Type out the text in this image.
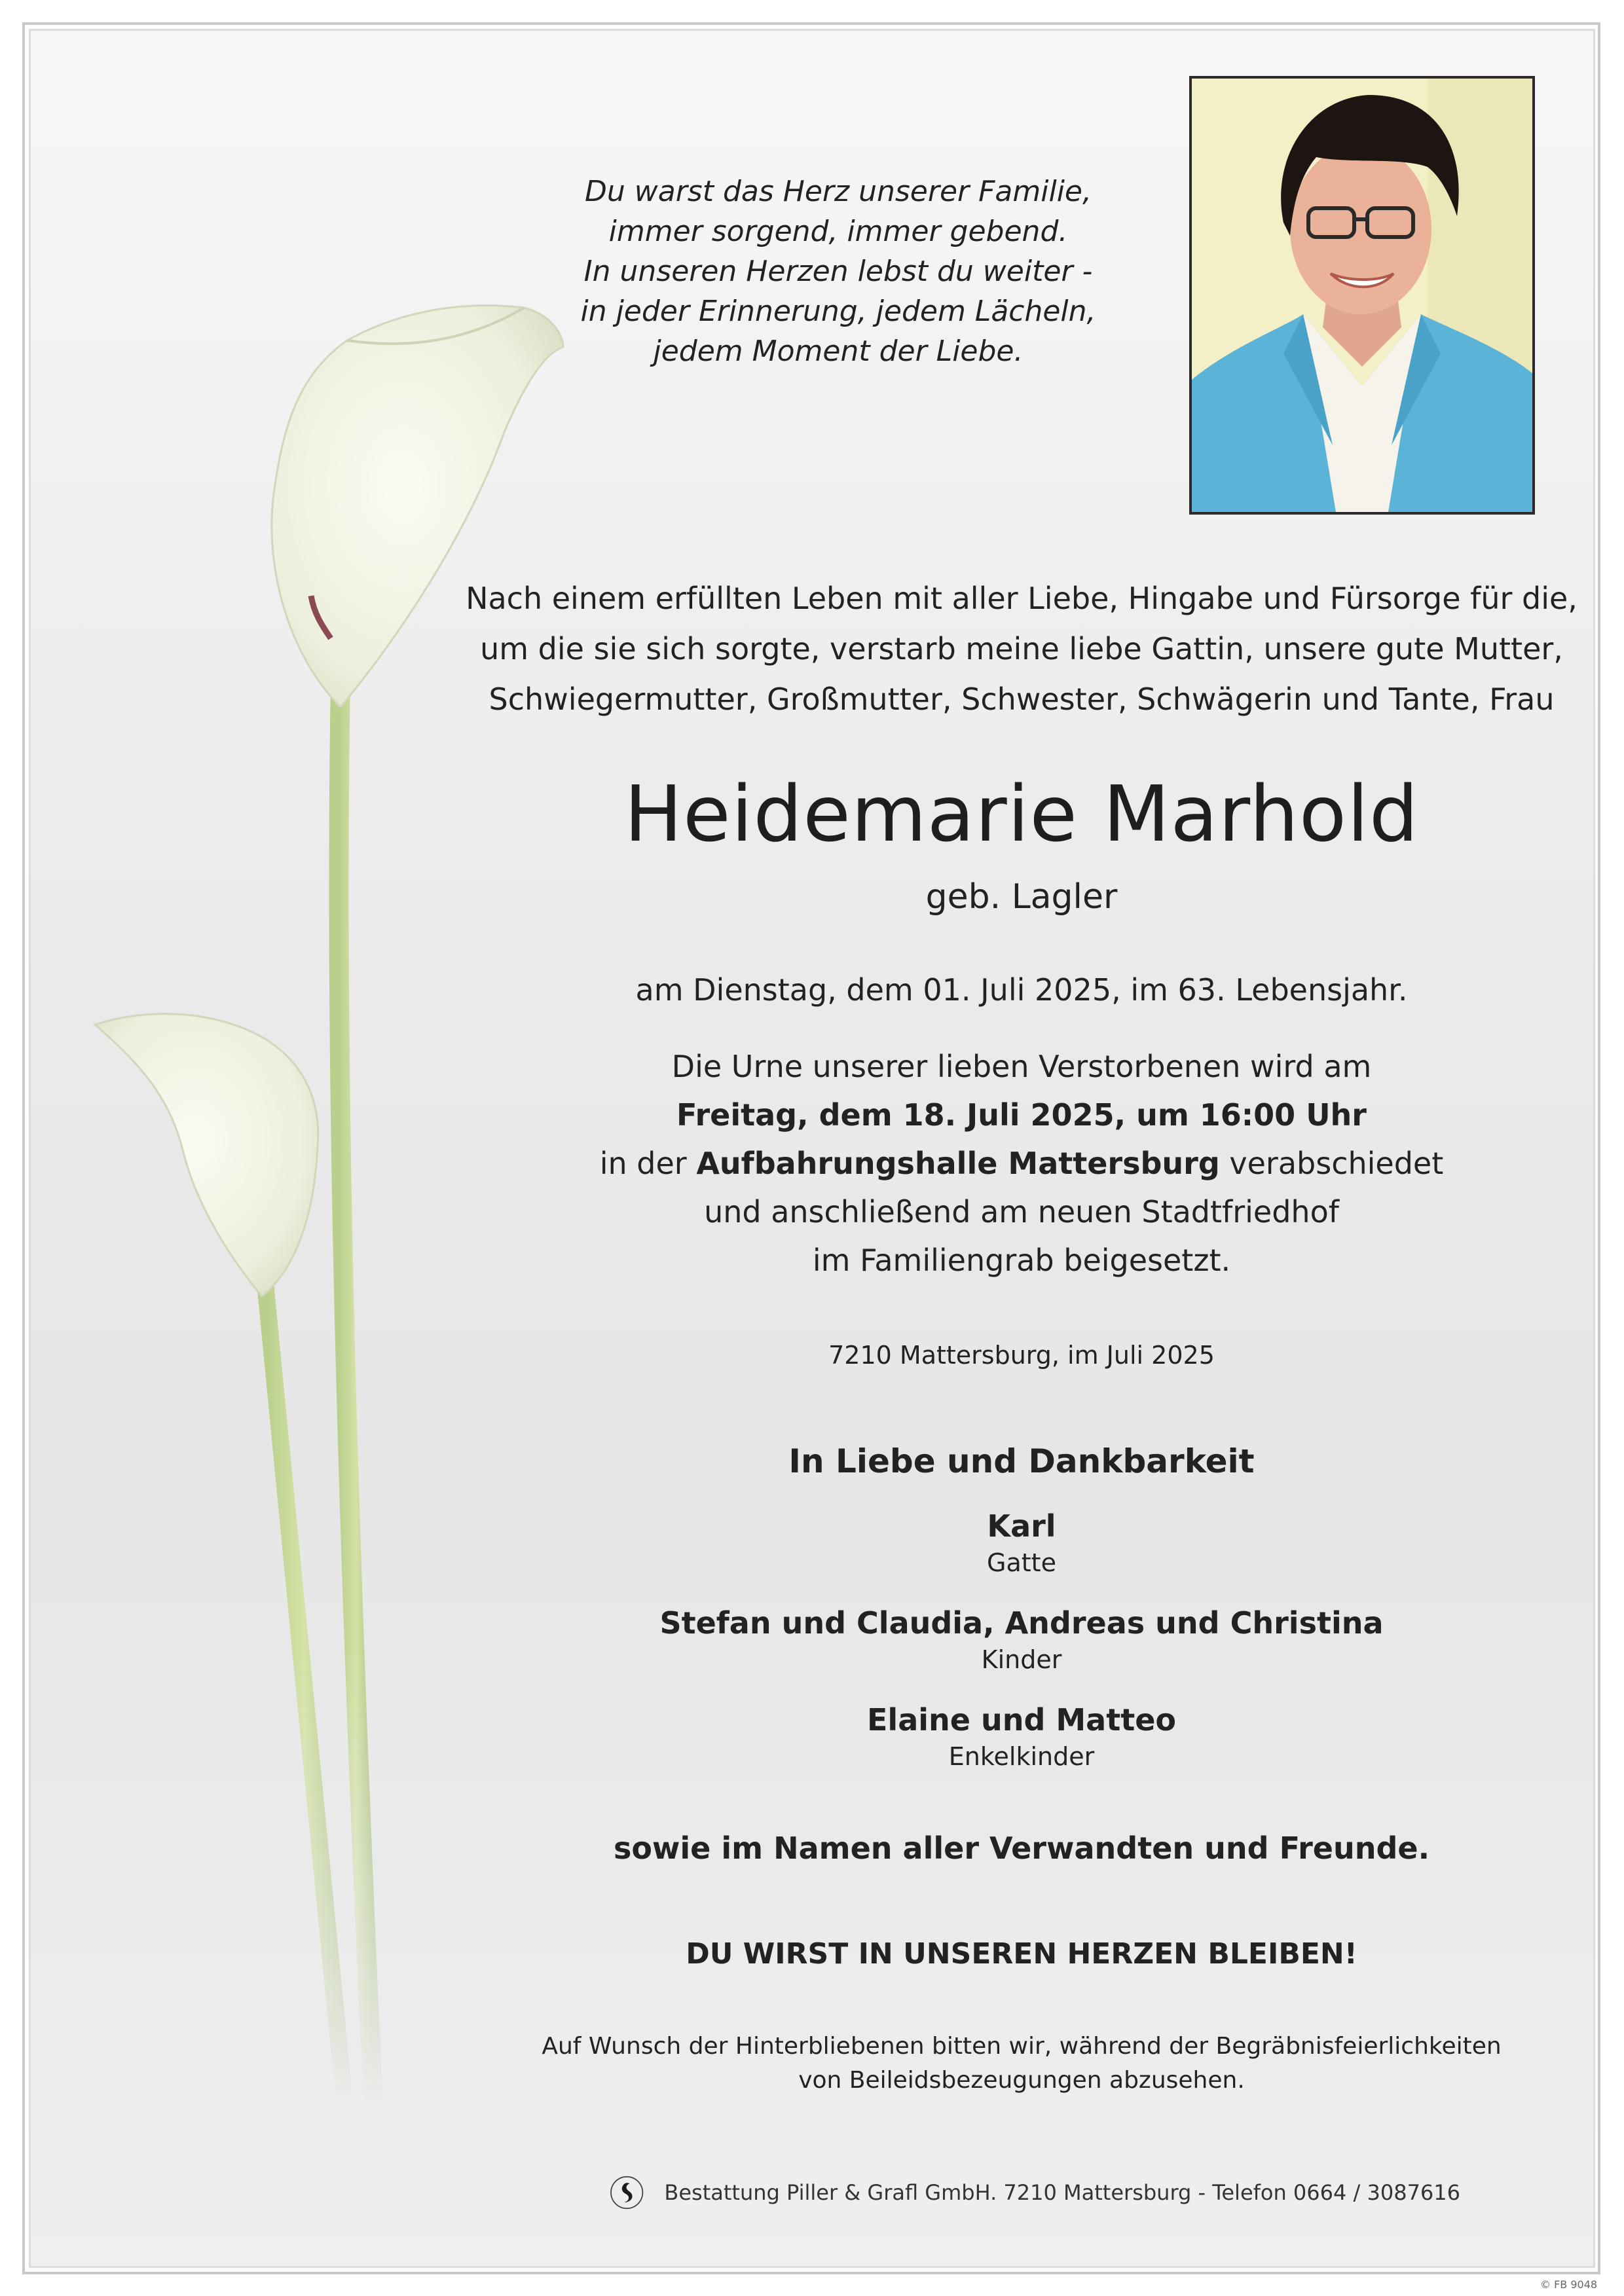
Du warst das Herz unserer Familie,
immer sorgend, immer gebend.
In unseren Herzen lebst du weiter -
in jeder Erinnerung, jedem Lächeln,
jedem Moment der Liebe.
Nach einem erfüllten Leben mit aller Liebe, Hingabe und Fürsorge für die,
um die sie sich sorgte, verstarb meine liebe Gattin, unsere gute Mutter,
Schwiegermutter, Großmutter, Schwester, Schwägerin und Tante, Frau
Heidemarie Marhold
geb. Lagler
am Dienstag, dem 01. Juli 2025, im 63. Lebensjahr.
Die Urne unserer lieben Verstorbenen wird am
Freitag, dem 18. Juli 2025, um 16:00 Uhr
in der Aufbahrungshalle Mattersburg verabschiedet
und anschließend am neuen Stadtfriedhof
im Familiengrab beigesetzt.
7210 Mattersburg, im Juli 2025
In Liebe und Dankbarkeit
Karl
Gatte
Stefan und Claudia, Andreas und Christina
Kinder
Elaine und Matteo
Enkelkinder
sowie im Namen aller Verwandten und Freunde.
DU WIRST IN UNSEREN HERZEN BLEIBEN!
Auf Wunsch der Hinterbliebenen bitten wir, während der Begräbnisfeierlichkeiten
von Beileidsbezeugungen abzusehen.
Bestattung Piller & Grafl GmbH. 7210 Mattersburg - Telefon 0664 / 3087616
© FB 9048
